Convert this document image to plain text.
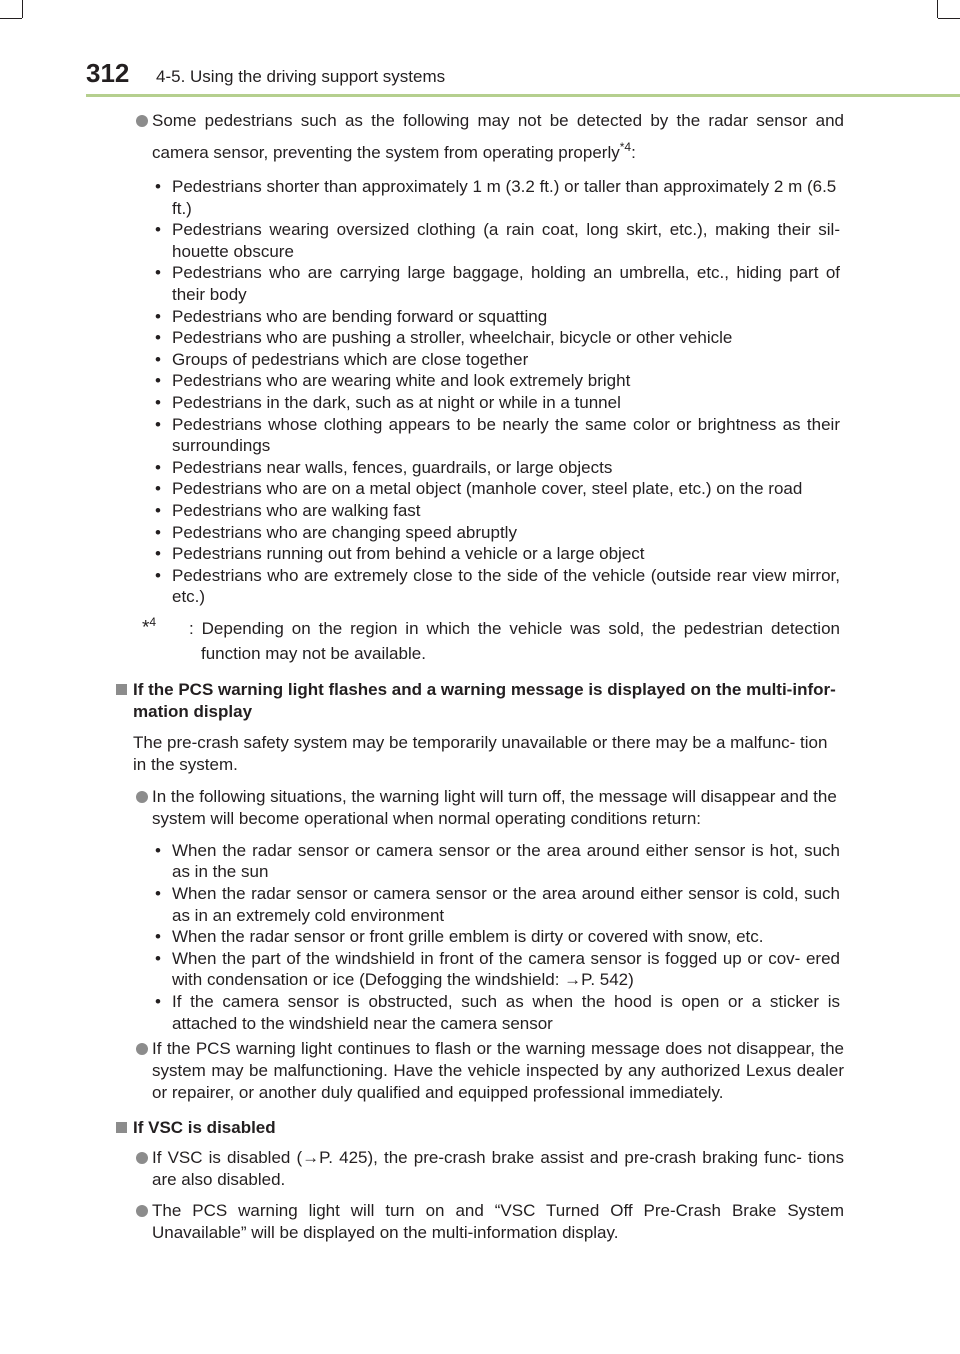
312	4-5. Using the driving support systems
Some pedestrians such as the following may not be detected by the radar sensor and camera sensor, preventing the system from operating properly$^{*4}$:
• Pedestrians shorter than approximately 1 m (3.2 ft.) or taller than approximately 2 m (6.5 ft.)
• Pedestrians wearing oversized clothing (a rain coat, long skirt, etc.), making their sil- houette obscure
• Pedestrians who are carrying large baggage, holding an umbrella, etc., hiding part of their body
• Pedestrians who are bending forward or squatting
• Pedestrians who are pushing a stroller, wheelchair, bicycle or other vehicle
• Groups of pedestrians which are close together
• Pedestrians who are wearing white and look extremely bright
• Pedestrians in the dark, such as at night or while in a tunnel
• Pedestrians whose clothing appears to be nearly the same color or brightness as their surroundings
• Pedestrians near walls, fences, guardrails, or large objects
• Pedestrians who are on a metal object (manhole cover, steel plate, etc.) on the road
• Pedestrians who are walking fast
• Pedestrians who are changing speed abruptly
• Pedestrians running out from behind a vehicle or a large object
• Pedestrians who are extremely close to the side of the vehicle (outside rear view mirror, etc.)
*$^4$ : Depending on the region in which the vehicle was sold, the pedestrian detection function may not be available.
If the PCS warning light flashes and a warning message is displayed on the multi-infor- mation display
The pre-crash safety system may be temporarily unavailable or there may be a malfunc- tion in the system.
In the following situations, the warning light will turn off, the message will disappear and the system will become operational when normal operating conditions return:
• When the radar sensor or camera sensor or the area around either sensor is hot, such as in the sun
• When the radar sensor or camera sensor or the area around either sensor is cold, such as in an extremely cold environment
• When the radar sensor or front grille emblem is dirty or covered with snow, etc.
• When the part of the windshield in front of the camera sensor is fogged up or cov- ered with condensation or ice (Defogging the windshield: →P. 542)
• If the camera sensor is obstructed, such as when the hood is open or a sticker is attached to the windshield near the camera sensor
If the PCS warning light continues to flash or the warning message does not disappear, the system may be malfunctioning. Have the vehicle inspected by any authorized Lexus dealer or repairer, or another duly qualified and equipped professional immediately.
If VSC is disabled
If VSC is disabled (→P. 425), the pre-crash brake assist and pre-crash braking func- tions are also disabled.
The PCS warning light will turn on and “VSC Turned Off Pre-Crash Brake System Unavailable” will be displayed on the multi-information display.
